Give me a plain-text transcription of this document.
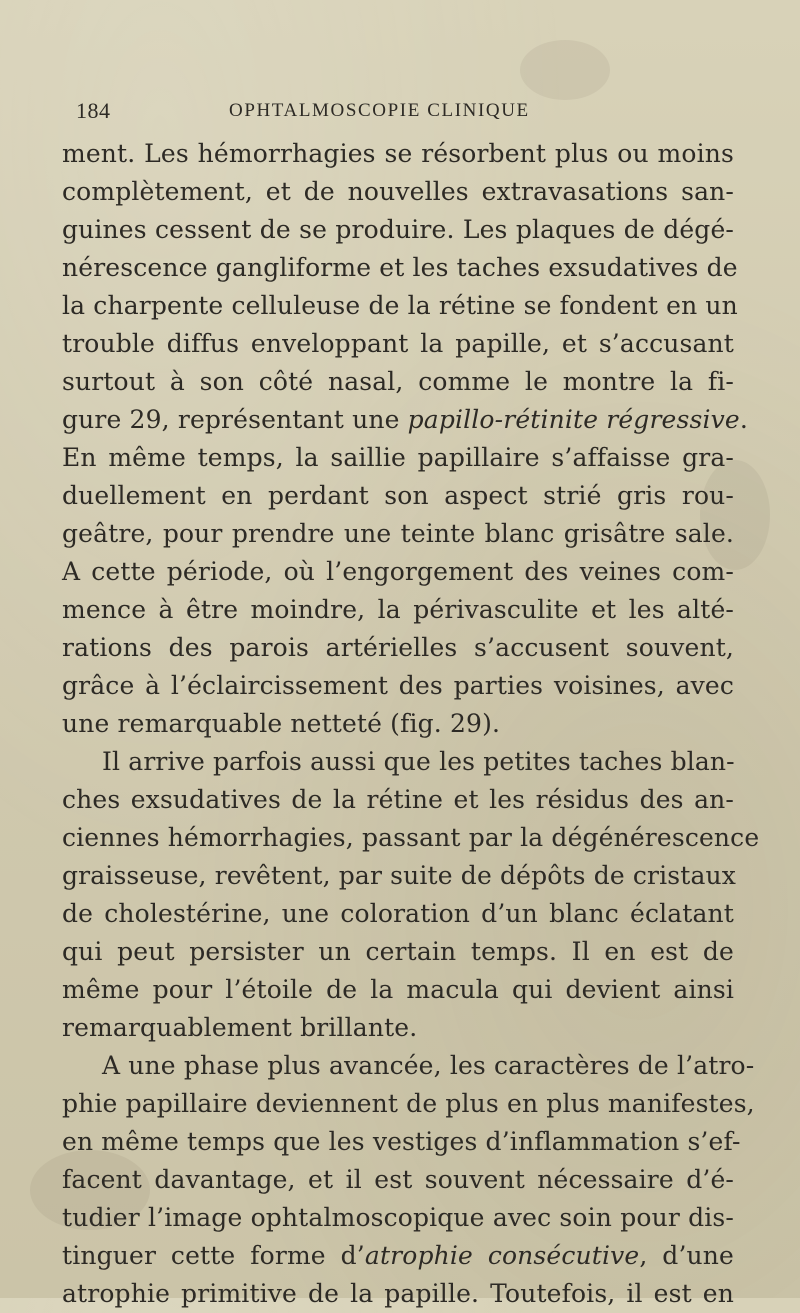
184	OPHTALMOSCOPIE CLINIQUE
ment. Les hémorrhagies se résorbent plus ou moins
complètement, et de nouvelles extravasations san-
guines cessent de se produire. Les plaques de dégé-
nérescence gangliforme et les taches exsudatives de
la charpente celluleuse de la rétine se fondent en un
trouble diffus enveloppant la papille, et s’accusant
surtout à son côté nasal, comme le montre la fi-
gure 29, représentant une papillo-rétinite régressive.
En même temps, la saillie papillaire s’affaisse gra-
duellement en perdant son aspect strié gris rou-
geâtre, pour prendre une teinte blanc grisâtre sale.
A cette période, où l’engorgement des veines com-
mence à être moindre, la périvasculite et les alté-
rations des parois artérielles s’accusent souvent,
grâce à l’éclaircissement des parties voisines, avec
une remarquable netteté (fig. 29).
Il arrive parfois aussi que les petites taches blan-
ches exsudatives de la rétine et les résidus des an-
ciennes hémorrhagies, passant par la dégénérescence
graisseuse, revêtent, par suite de dépôts de cristaux
de cholestérine, une coloration d’un blanc éclatant
qui peut persister un certain temps. Il en est de
même pour l’étoile de la macula qui devient ainsi
remarquablement brillante.
A une phase plus avancée, les caractères de l’atro-
phie papillaire deviennent de plus en plus manifestes,
en même temps que les vestiges d’inflammation s’ef-
facent davantage, et il est souvent nécessaire d’é-
tudier l’image ophtalmoscopique avec soin pour dis-
tinguer cette forme d’atrophie consécutive, d’une
atrophie primitive de la papille. Toutefois, il est en
